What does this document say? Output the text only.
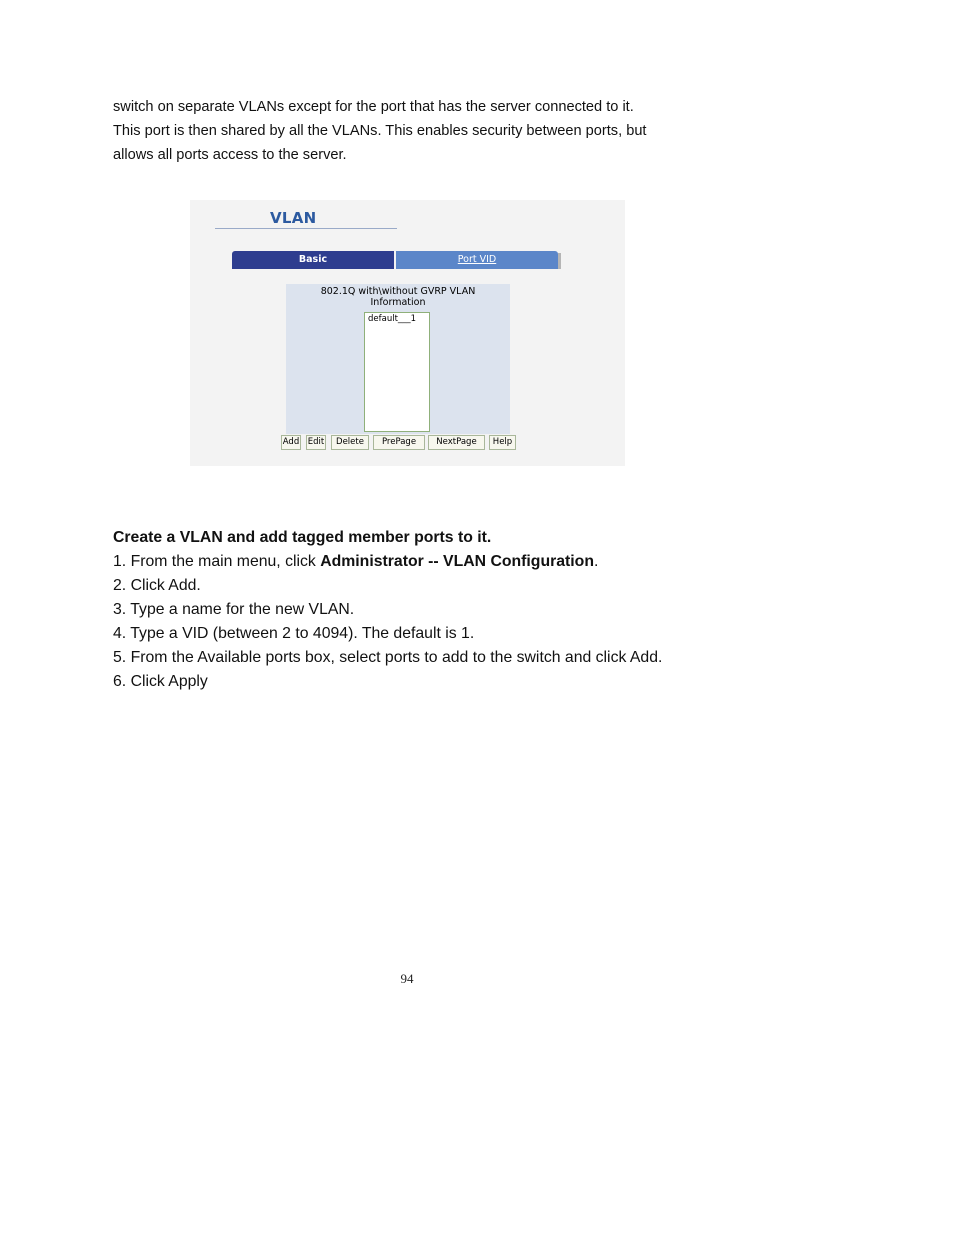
switch on separate VLANs except for the port that has the server connected to it.

This port is then shared by all the VLANs. This enables security between ports, but

allows all ports access to the server.

VLAN
Basic	Port VID
802.1Q with\without GVRP VLAN
Information
default___1
Add Edit	Delete	PrePage	NextPage	Help

Create a VLAN and add tagged member ports to it.

1. From the main menu, click Administrator -- VLAN Configuration.

2. Click Add.

3. Type a name for the new VLAN.

4. Type a VID (between 2 to 4094). The default is 1.

5. From the Available ports box, select ports to add to the switch and click Add.

6. Click Apply

94
